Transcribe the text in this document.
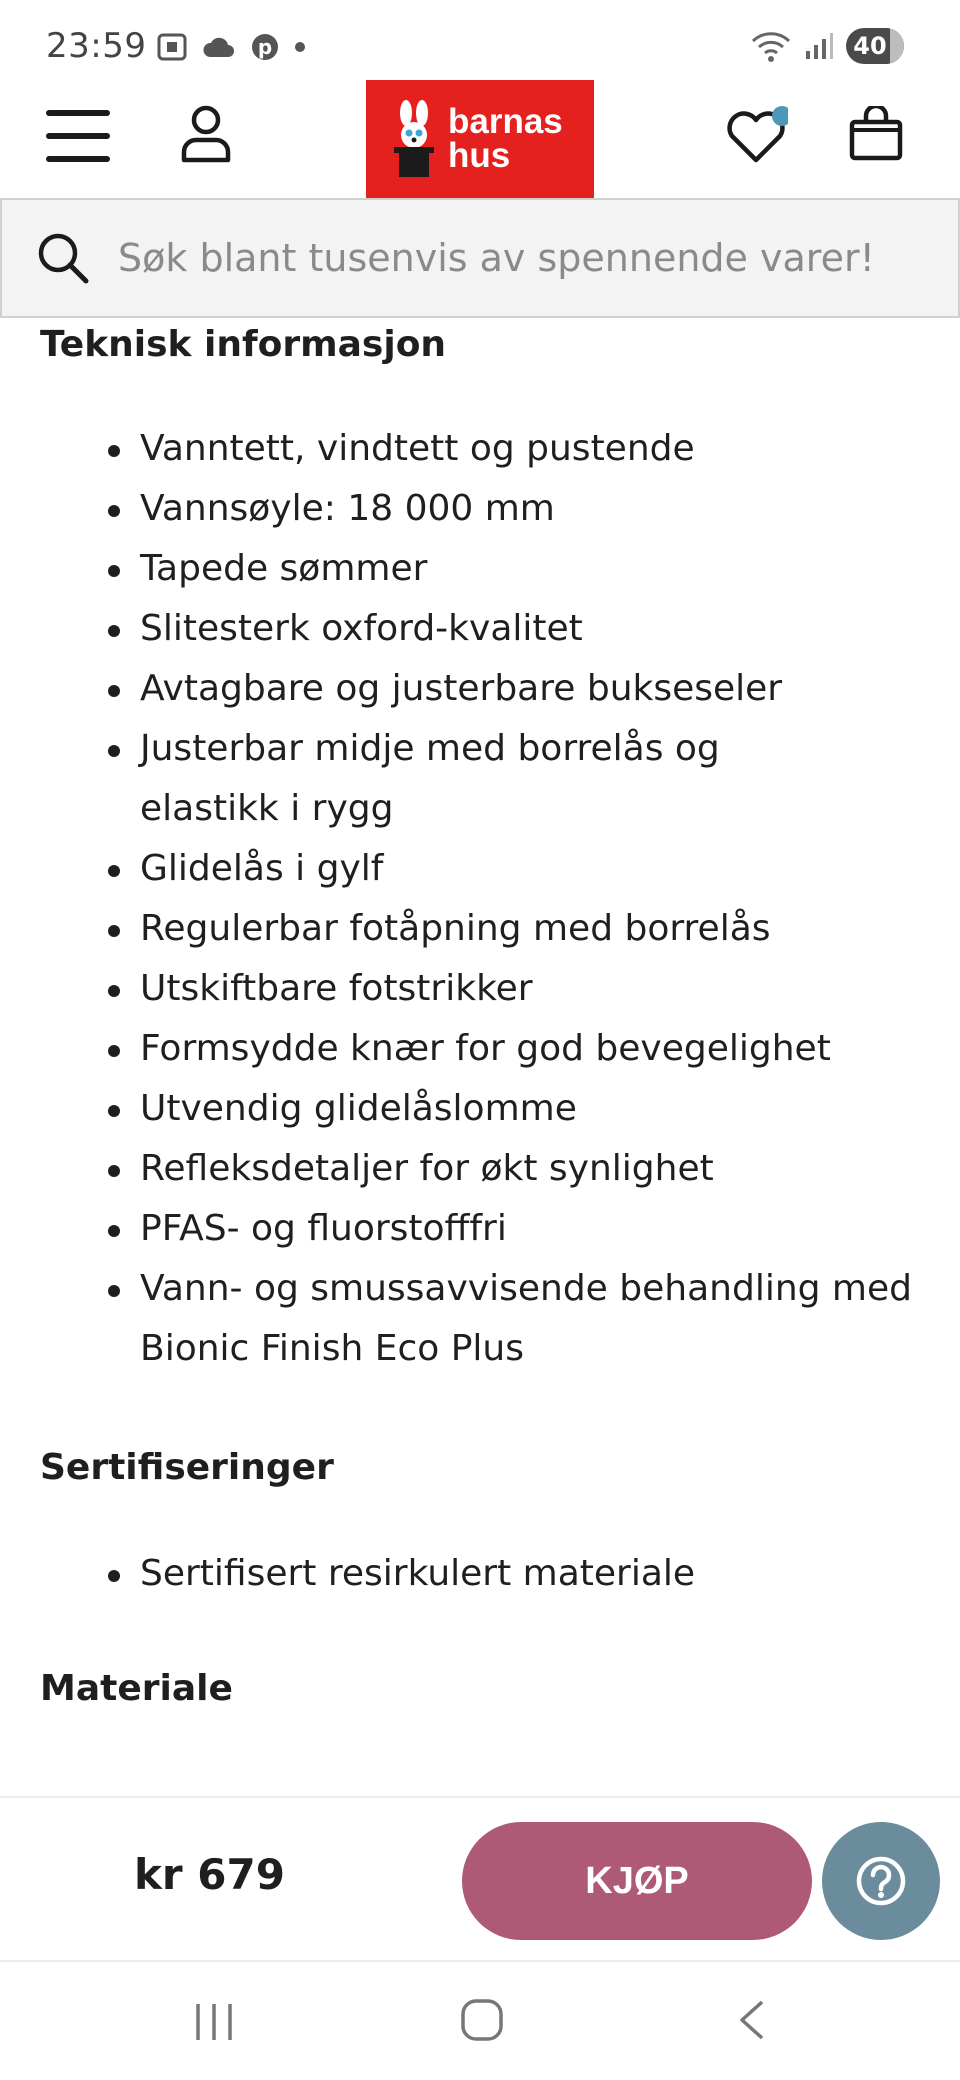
23:59	p	40
barnas
hus
Søk blant tusenvis av spennende varer!
Teknisk informasjon
Vanntett, vindtett og pustende
Vannsøyle: 18 000 mm
Tapede sømmer
Slitesterk oxford-kvalitet
Avtagbare og justerbare bukseseler
Justerbar midje med borrelås og elastikk i rygg
Glidelås i gylf
Regulerbar fotåpning med borrelås
Utskiftbare fotstrikker
Formsydde knær for god bevegelighet
Utvendig glidelåslomme
Refleksdetaljer for økt synlighet
PFAS- og fluorstofffri
Vann- og smussavvisende behandling med Bionic Finish Eco Plus
Sertifiseringer
Sertifisert resirkulert materiale
Materiale
kr 679	KJØP
